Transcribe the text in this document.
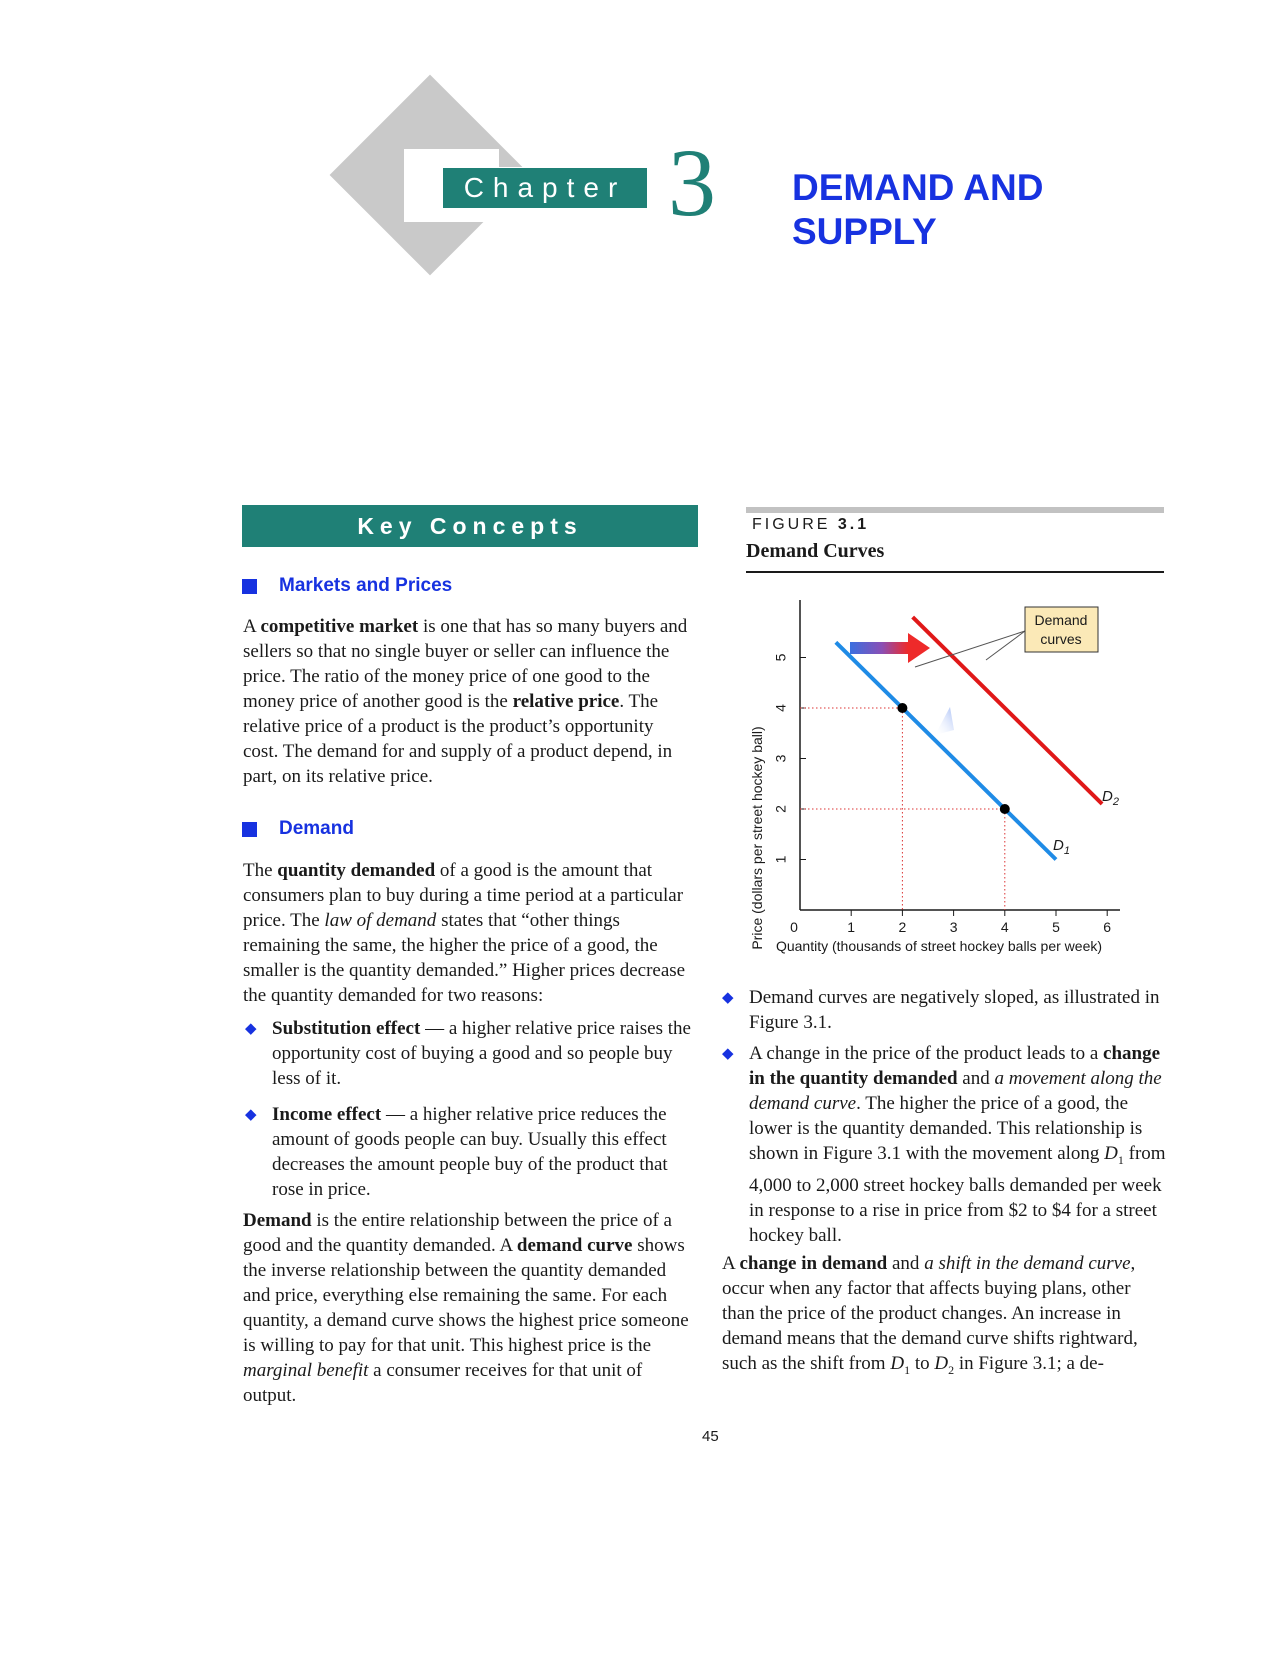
Chapter 3 DEMAND AND
SUPPLY
Key Concepts
Markets and Prices
A competitive market is one that has so many buyers and sellers so that no single buyer or seller can influence the price. The ratio of the money price of one good to the money price of another good is the relative price. The relative price of a product is the product’s opportunity cost. The demand for and supply of a product depend, in part, on its relative price.
Demand
The quantity demanded of a good is the amount that consumers plan to buy during a time period at a particular price. The law of demand states that “other things remaining the same, the higher the price of a good, the smaller is the quantity demanded.” Higher prices decrease the quantity demanded for two reasons:
◆ Substitution effect — a higher relative price raises the opportunity cost of buying a good and so people buy less of it.
◆ Income effect — a higher relative price reduces the amount of goods people can buy. Usually this effect decreases the amount people buy of the product that rose in price.
Demand is the entire relationship between the price of a good and the quantity demanded. A demand curve shows the inverse relationship between the quantity demanded and price, everything else remaining the same. For each quantity, a demand curve shows the highest price someone is willing to pay for that unit. This highest price is the marginal benefit a consumer receives for that unit of output.
FIGURE 3.1
Demand Curves
Price (dollars per street hockey ball) Quantity (thousands of street hockey balls per week)
0	1	2	3	4	5	6
1
2
3
4
5
Demand
curves
$D_2$
$D_1$
◆ Demand curves are negatively sloped, as illustrated in Figure 3.1.
◆ A change in the price of the product leads to a change in the quantity demanded and a movement along the demand curve. The higher the price of a good, the lower is the quantity demanded. This relationship is shown in Figure 3.1 with the movement along $D_1$ from 4,000 to 2,000 street hockey balls demanded per week in response to a rise in price from $2 to $4 for a street hockey ball.
A change in demand and a shift in the demand curve, occur when any factor that affects buying plans, other than the price of the product changes. An increase in demand means that the demand curve shifts rightward, such as the shift from $D_1$ to $D_2$ in Figure 3.1; a de-
45
